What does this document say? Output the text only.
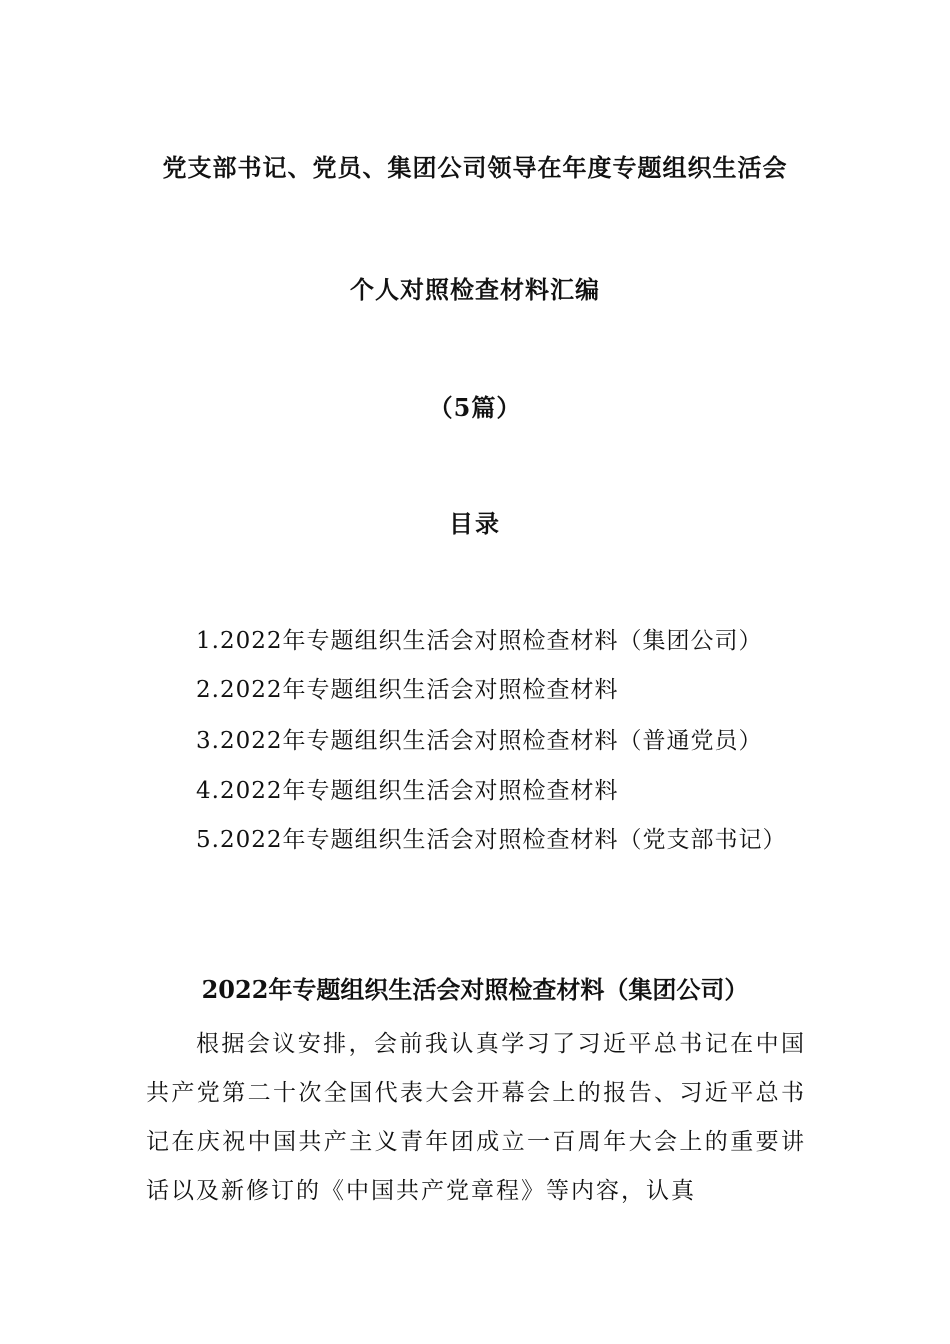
党支部书记、党员、集团公司领导在年度专题组织生活会
个人对照检查材料汇编
（5篇）
目录
1.2022年专题组织生活会对照检查材料（集团公司）
2.2022年专题组织生活会对照检查材料
3.2022年专题组织生活会对照检查材料（普通党员）
4.2022年专题组织生活会对照检查材料
5.2022年专题组织生活会对照检查材料（党支部书记）
2022年专题组织生活会对照检查材料（集团公司）
根据会议安排，会前我认真学习了习近平总书记在中国共产党第二十次全国代表大会开幕会上的报告、习近平总书记在庆祝中国共产主义青年团成立一百周年大会上的重要讲话以及新修订的《中国共产党章程》等内容，认真
